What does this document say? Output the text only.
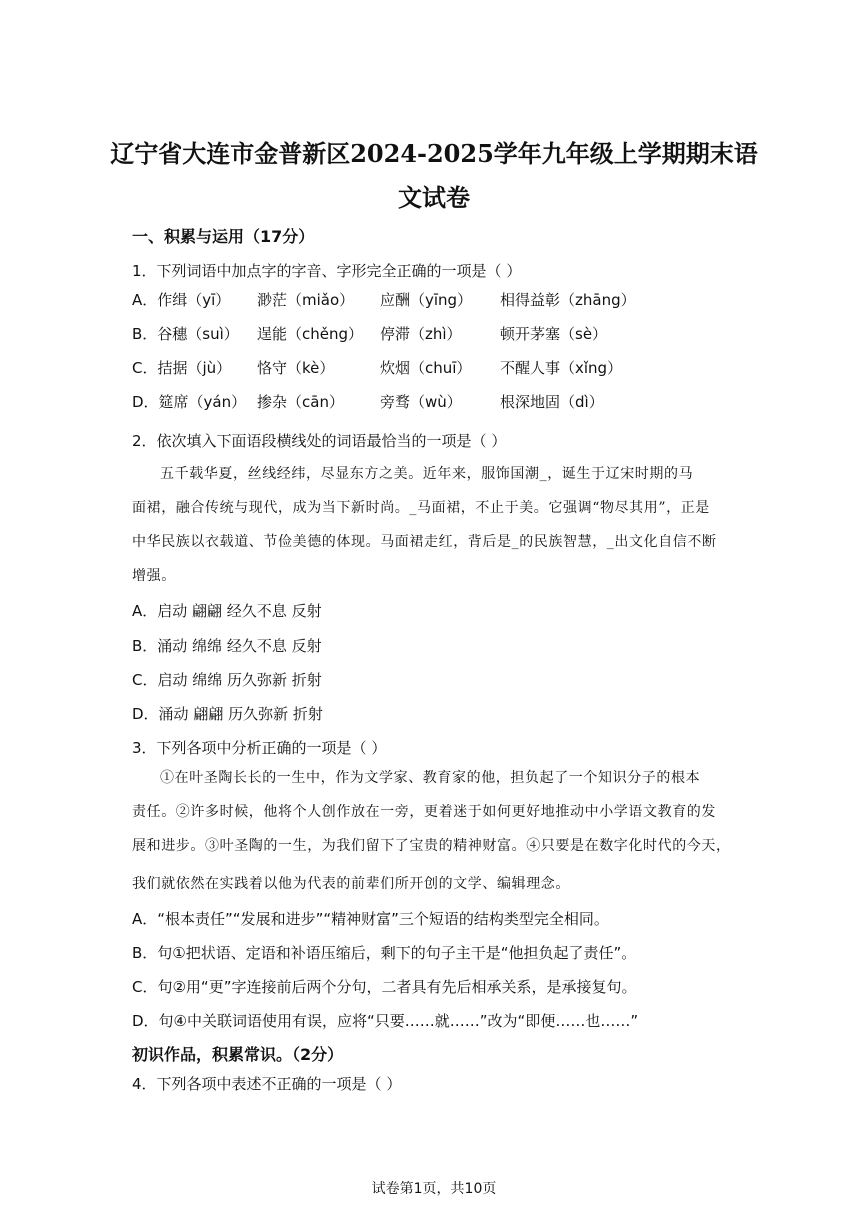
辽宁省大连市金普新区2024-2025学年九年级上学期期末语
文试卷
一、积累与运用（17分）
1．下列词语中加点字的字音、字形完全正确的一项是（ ）
A．作缉（yī） 渺茫（miǎo） 应酬（yīng） 相得益彰（zhāng）
B．谷穗（suì） 逞能（chěng） 停滞（zhì）	顿开茅塞（sè）
C．拮据（jù） 恪守（kè）	炊烟（chuī） 不醒人事（xǐng）
D．筵席（yán） 掺杂（cān） 旁骛（wù）	根深地固（dì）
2．依次填入下面语段横线处的词语最恰当的一项是（ ）
五千载华夏，丝线经纬，尽显东方之美。近年来，服饰国潮_，诞生于辽宋时期的马
面裙，融合传统与现代，成为当下新时尚。_马面裙，不止于美。它强调“物尽其用”，正是
中华民族以衣载道、节俭美德的体现。马面裙走红，背后是_的民族智慧，_出文化自信不断
增强。
A．启动 翩翩 经久不息 反射
B．涌动 绵绵 经久不息 反射
C．启动 绵绵 历久弥新 折射
D．涌动 翩翩 历久弥新 折射
3．下列各项中分析正确的一项是（ ）
①在叶圣陶长长的一生中，作为文学家、教育家的他，担负起了一个知识分子的根本
责任。②许多时候，他将个人创作放在一旁，更着迷于如何更好地推动中小学语文教育的发
展和进步。③叶圣陶的一生，为我们留下了宝贵的精神财富。④只要是在数字化时代的今天，
我们就依然在实践着以他为代表的前辈们所开创的文学、编辑理念。
A．“根本责任”“发展和进步”“精神财富”三个短语的结构类型完全相同。
B．句①把状语、定语和补语压缩后，剩下的句子主干是“他担负起了责任”。
C．句②用“更”字连接前后两个分句，二者具有先后相承关系，是承接复句。
D．句④中关联词语使用有误，应将“只要……就……”改为“即便……也……”
初识作品，积累常识。（2分）
4．下列各项中表述不正确的一项是（ ）
试卷第1页，共10页
